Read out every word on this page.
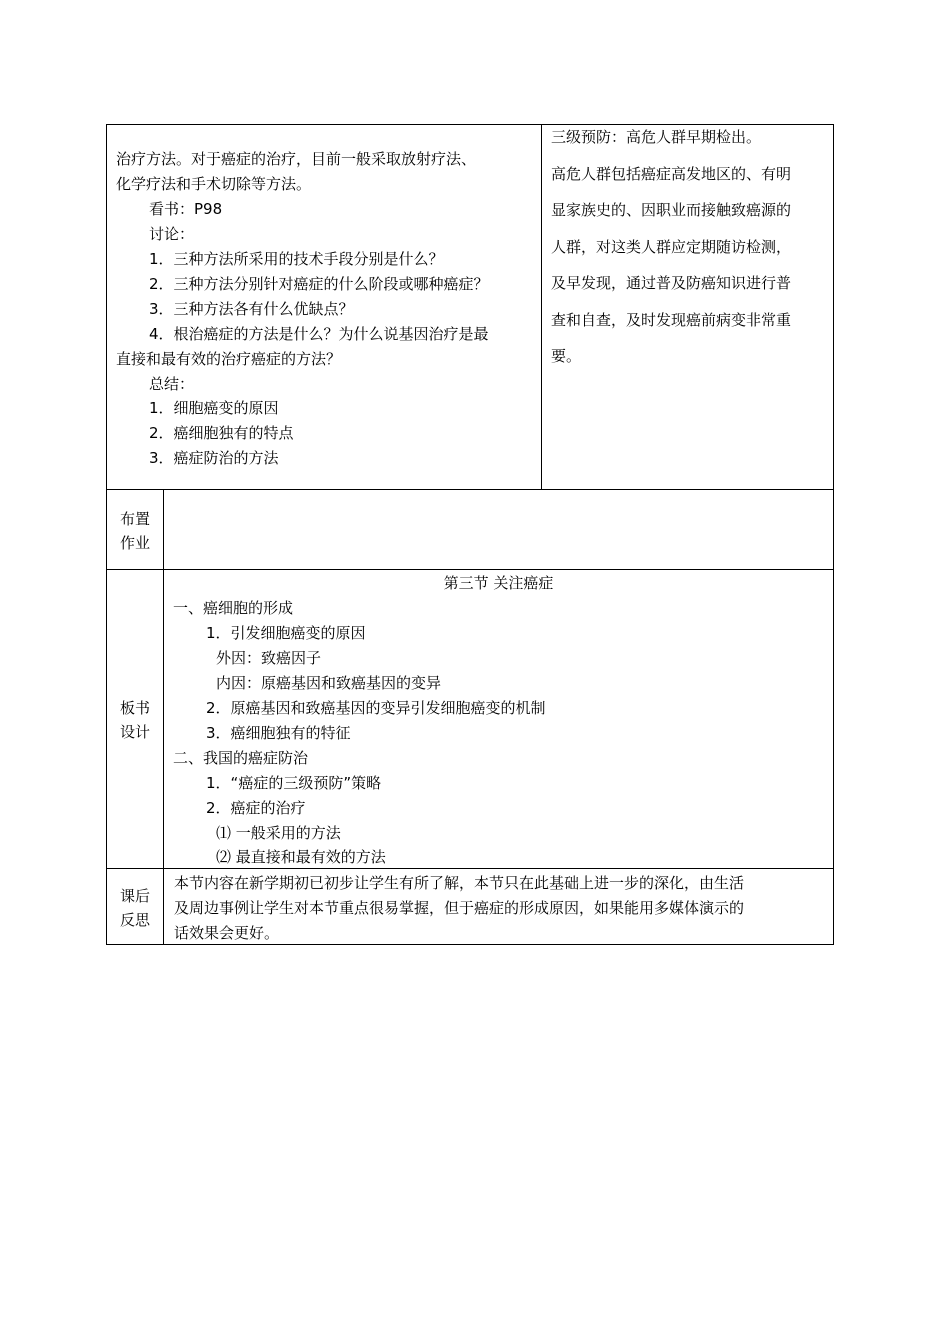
治疗方法。对于癌症的治疗，目前一般采取放射疗法、
化学疗法和手术切除等方法。
看书：P98
讨论：
1．三种方法所采用的技术手段分别是什么？
2．三种方法分别针对癌症的什么阶段或哪种癌症？
3．三种方法各有什么优缺点？
4．根治癌症的方法是什么？为什么说基因治疗是最
直接和最有效的治疗癌症的方法？
总结：
1．细胞癌变的原因
2．癌细胞独有的特点
3．癌症防治的方法
三级预防：高危人群早期检出。
高危人群包括癌症高发地区的、有明
显家族史的、因职业而接触致癌源的
人群，对这类人群应定期随访检测，
及早发现，通过普及防癌知识进行普
查和自查，及时发现癌前病变非常重
要。
布置
作业
板书
设计
第三节 关注癌症
一、癌细胞的形成
1．引发细胞癌变的原因
外因：致癌因子
内因：原癌基因和致癌基因的变异
2．原癌基因和致癌基因的变异引发细胞癌变的机制
3．癌细胞独有的特征
二、我国的癌症防治
1．“癌症的三级预防”策略
2．癌症的治疗
⑴ 一般采用的方法
⑵ 最直接和最有效的方法
课后
反思
本节内容在新学期初已初步让学生有所了解，本节只在此基础上进一步的深化，由生活
及周边事例让学生对本节重点很易掌握，但于癌症的形成原因，如果能用多媒体演示的
话效果会更好。
